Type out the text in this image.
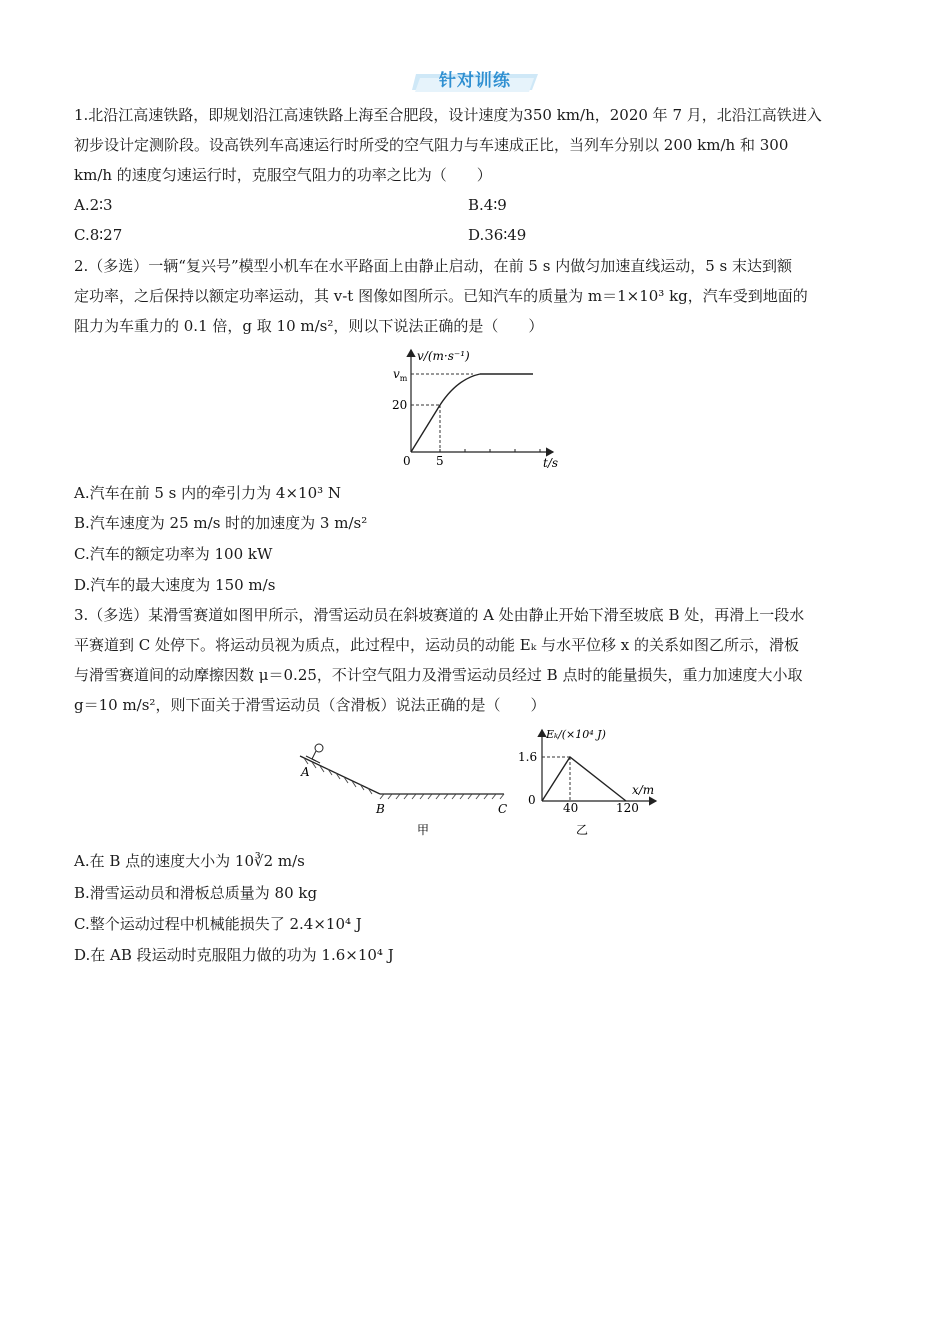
针对训练
1.北沿江高速铁路，即规划沿江高速铁路上海至合肥段，设计速度为350 km/h，2020 年 7 月，北沿江高铁进入
初步设计定测阶段。设高铁列车高速运行时所受的空气阻力与车速成正比，当列车分别以 200 km/h 和 300
km/h 的速度匀速运行时，克服空气阻力的功率之比为（　　）
A.2∶3	B.4∶9
C.8∶27	D.36∶49
2.（多选）一辆“复兴号”模型小机车在水平路面上由静止启动，在前 5 s 内做匀加速直线运动，5 s 末达到额
定功率，之后保持以额定功率运动，其 v-t 图像如图所示。已知汽车的质量为 m＝1×10³ kg，汽车受到地面的
阻力为车重力的 0.1 倍，g 取 10 m/s²，则以下说法正确的是（　　）
v/(m·s⁻¹)
$v_m$
20
0 5	t/s
A.汽车在前 5 s 内的牵引力为 4×10³ N
B.汽车速度为 25 m/s 时的加速度为 3 m/s²
C.汽车的额定功率为 100 kW
D.汽车的最大速度为 150 m/s
3.（多选）某滑雪赛道如图甲所示，滑雪运动员在斜坡赛道的 A 处由静止开始下滑至坡底 B 处，再滑上一段水
平赛道到 C 处停下。将运动员视为质点，此过程中，运动员的动能 Eₖ 与水平位移 x 的关系如图乙所示，滑板
与滑雪赛道间的动摩擦因数 μ＝0.25，不计空气阻力及滑雪运动员经过 B 点时的能量损失，重力加速度大小取
g＝10 m/s²，则下面关于滑雪运动员（含滑板）说法正确的是（　　）
A
B	C
甲
Eₖ/(×10⁴ J)
1.6
0
40	120
x/m
乙
A.在 B 点的速度大小为 10∛2 m/s
B.滑雪运动员和滑板总质量为 80 kg
C.整个运动过程中机械能损失了 2.4×10⁴ J
D.在 AB 段运动时克服阻力做的功为 1.6×10⁴ J
